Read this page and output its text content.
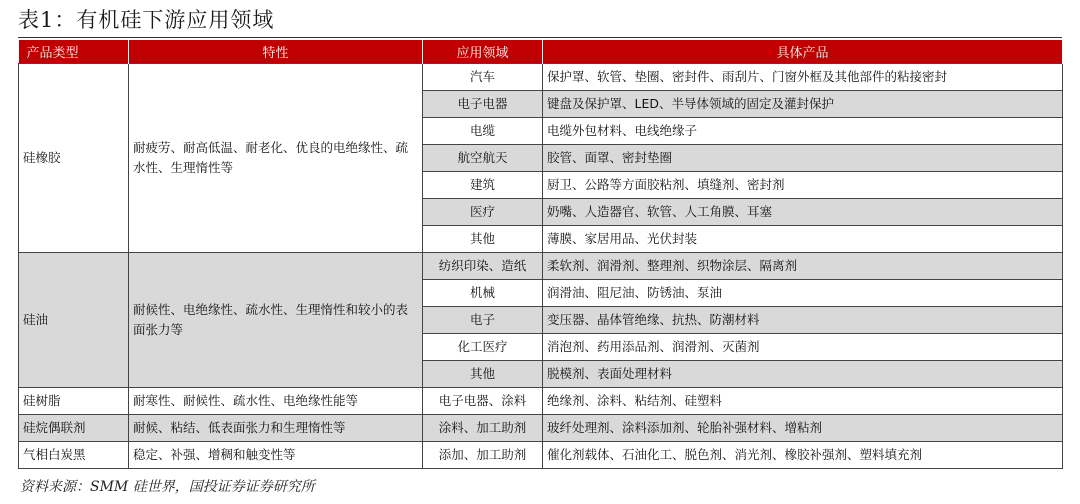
表1：有机硅下游应用领域
产品类型	特性	应用领域	具体产品
硅橡胶	耐疲劳、耐高低温、耐老化、优良的电绝缘性、疏水性、生理惰性等	汽车	保护罩、软管、垫圈、密封件、雨刮片、门窗外框及其他部件的粘接密封
		电子电器	键盘及保护罩、LED、半导体领域的固定及灌封保护
		电缆	电缆外包材料、电线绝缘子
		航空航天	胶管、面罩、密封垫圈
		建筑	厨卫、公路等方面胶粘剂、填缝剂、密封剂
		医疗	奶嘴、人造器官、软管、人工角膜、耳塞
		其他	薄膜、家居用品、光伏封装
硅油	耐候性、电绝缘性、疏水性、生理惰性和较小的表面张力等	纺织印染、造纸	柔软剂、润滑剂、整理剂、织物涂层、隔离剂
		机械	润滑油、阻尼油、防锈油、泵油
		电子	变压器、晶体管绝缘、抗热、防潮材料
		化工医疗	消泡剂、药用添品剂、润滑剂、灭菌剂
		其他	脱模剂、表面处理材料
硅树脂	耐寒性、耐候性、疏水性、电绝缘性能等	电子电器、涂料	绝缘剂、涂料、粘结剂、硅塑料
硅烷偶联剂	耐候、粘结、低表面张力和生理惰性等	涂料、加工助剂	玻纤处理剂、涂料添加剂、轮胎补强材料、增粘剂
气相白炭黑	稳定、补强、增稠和触变性等	添加、加工助剂	催化剂载体、石油化工、脱色剂、消光剂、橡胶补强剂、塑料填充剂
资料来源：SMM 硅世界，国投证券证券研究所
